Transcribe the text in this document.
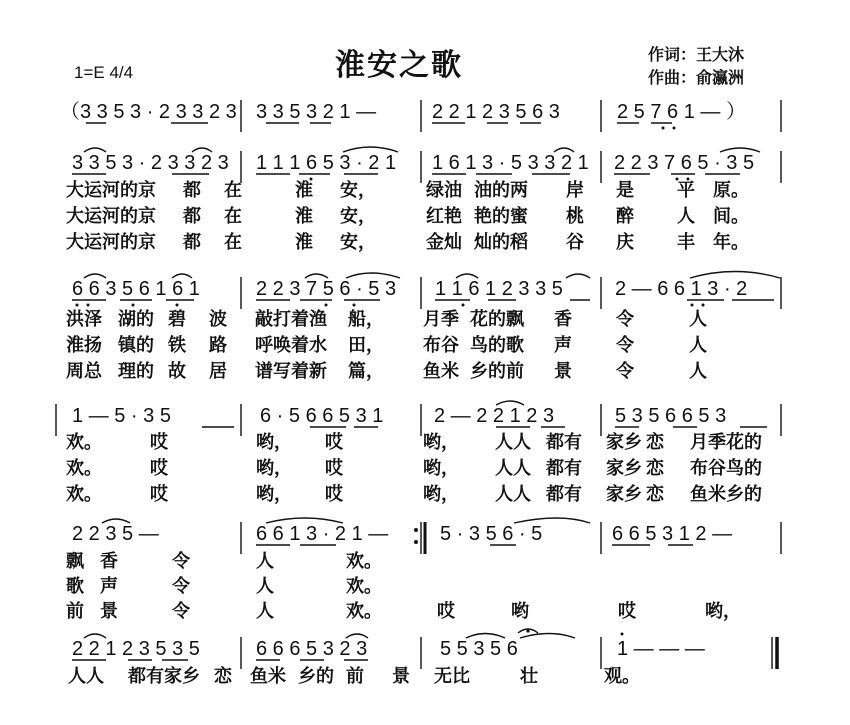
淮安之歌
1=E 4/4
作词：王大沐
作曲：俞瀛洲
（3 3 5 3 · 2 3 3 2 3 3 3 5 3 2 1 —	2 2 1 2 3 5 6 3	2 5 7 6 1 — ）
3 3 5 3 · 2 3 3 2 3 1 1 1 6 5 3 · 2 1 1 6 1 3 · 5 3 3 2 1 2 2 3 7 6 5 · 3 5
大运河的京 都 在	淮 安，	绿油 油的两 岸 是 平 原。
大运河的京 都 在	淮 安，	红艳 艳的蜜 桃 醉 人 间。
大运河的京 都 在	淮 安，	金灿 灿的稻 谷 庆 丰 年。
6 6 3 5 6 1 6 1	2 2 3 7 5 6 · 5 3 1 1 6 1 2 3 3 5	2 — 6 6 1 3 · 2
洪泽 湖的 碧 波 敲打着渔 船， 月季 花的飘 香 令	人
淮扬 镇的 铁 路 呼唤着水 田， 布谷 鸟的歌 声 令	人
周总 理的 故 居 谱写着新 篇， 鱼米 乡的前 景 令	人
1 — 5 · 3 5	6 · 5 6 6 5 3 1	2 — 2 2 1 2 3	5 3 5 6 6 5 3
欢。	哎	哟， 哎	哟， 人人 都有 家乡 恋 月季花的
欢。	哎	哟， 哎	哟， 人人 都有 家乡 恋 布谷鸟的
欢。	哎	哟， 哎	哟， 人人 都有 家乡 恋 鱼米乡的
2 2 3 5 —	6 6 1 3 · 2 1 —	5 · 3 5 6 · 5	6 6 5 3 1 2 —
飘 香	令	人	欢。
歌 声	令	人	欢。
前 景	令	人	欢。	哎	哟	哎	哟，
2 2 1 2 3 5 3 5	6 6 6 5 3 2 3	5 5 3 5 6	1 — — —
人人 都有家乡 恋 鱼米 乡的 前 景 无比	壮	观。
